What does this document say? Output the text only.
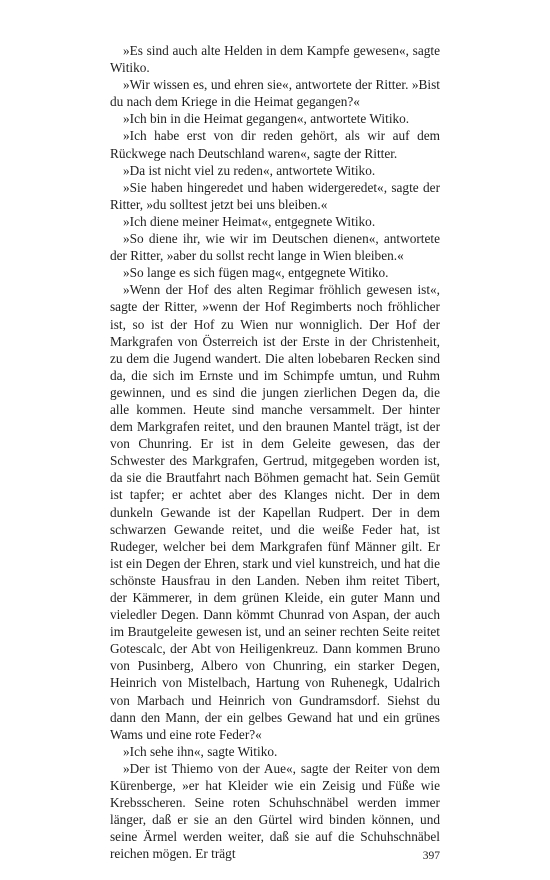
»Es sind auch alte Helden in dem Kampfe gewesen«, sagte Witiko.

»Wir wissen es, und ehren sie«, antwortete der Ritter. »Bist du nach dem Kriege in die Heimat gegangen?«

»Ich bin in die Heimat gegangen«, antwortete Witiko.

»Ich habe erst von dir reden gehört, als wir auf dem Rückwege nach Deutschland waren«, sagte der Ritter.

»Da ist nicht viel zu reden«, antwortete Witiko.

»Sie haben hingeredet und haben widergeredet«, sagte der Ritter, »du solltest jetzt bei uns bleiben.«

»Ich diene meiner Heimat«, entgegnete Witiko.

»So diene ihr, wie wir im Deutschen dienen«, antwortete der Ritter, »aber du sollst recht lange in Wien bleiben.«

»So lange es sich fügen mag«, entgegnete Witiko.

»Wenn der Hof des alten Regimar fröhlich gewesen ist«, sagte der Ritter, »wenn der Hof Regimberts noch fröhlicher ist, so ist der Hof zu Wien nur wonniglich. Der Hof der Markgrafen von Österreich ist der Erste in der Christenheit, zu dem die Jugend wandert. Die alten lobebaren Recken sind da, die sich im Ernste und im Schimpfe umtun, und Ruhm gewinnen, und es sind die jungen zierlichen Degen da, die alle kommen. Heute sind manche versammelt. Der hinter dem Markgrafen reitet, und den braunen Mantel trägt, ist der von Chunring. Er ist in dem Geleite gewesen, das der Schwester des Markgrafen, Gertrud, mitgegeben worden ist, da sie die Brautfahrt nach Böhmen gemacht hat. Sein Gemüt ist tapfer; er achtet aber des Klanges nicht. Der in dem dunkeln Gewande ist der Kapellan Rudpert. Der in dem schwarzen Gewande reitet, und die weiße Feder hat, ist Rudeger, welcher bei dem Markgrafen fünf Männer gilt. Er ist ein Degen der Ehren, stark und viel kunstreich, und hat die schönste Hausfrau in den Landen. Neben ihm reitet Tibert, der Kämmerer, in dem grünen Kleide, ein guter Mann und vieledler Degen. Dann kömmt Chunrad von Aspan, der auch im Brautgeleite gewesen ist, und an seiner rechten Seite reitet Gotescalc, der Abt von Heiligenkreuz. Dann kommen Bruno von Pusinberg, Albero von Chunring, ein starker Degen, Heinrich von Mistelbach, Hartung von Ruhenegk, Udalrich von Marbach und Heinrich von Gundramsdorf. Siehst du dann den Mann, der ein gelbes Gewand hat und ein grünes Wams und eine rote Feder?«

»Ich sehe ihn«, sagte Witiko.

»Der ist Thiemo von der Aue«, sagte der Reiter von dem Kürenberge, »er hat Kleider wie ein Zeisig und Füße wie Krebsscheren. Seine roten Schuhschnäbel werden immer länger, daß er sie an den Gürtel wird binden können, und seine Ärmel werden weiter, daß sie auf die Schuhschnäbel reichen mögen. Er trägt	397
